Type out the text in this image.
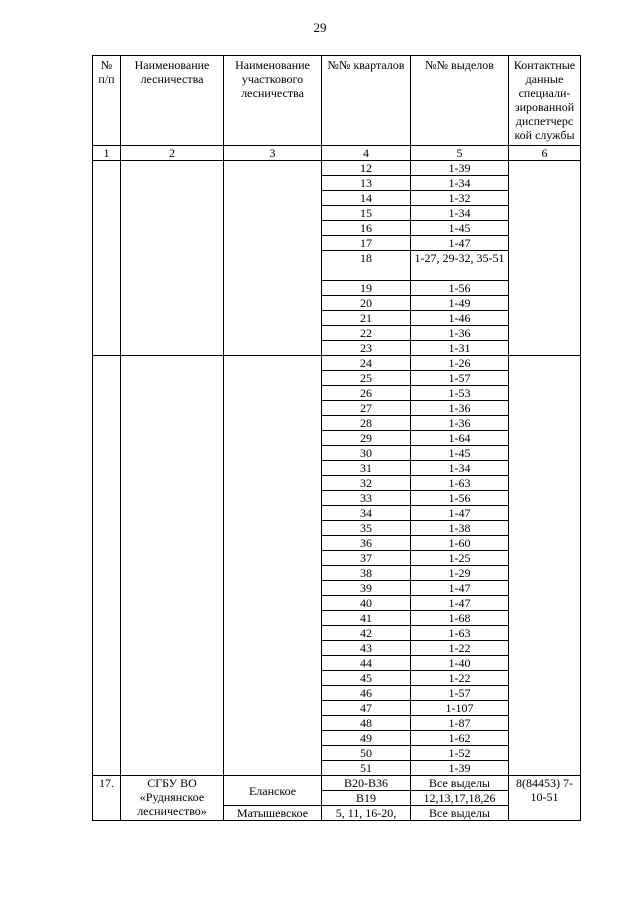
29
№ п/п	Наименование лесничества	Наименование участкового лесничества	№№ кварталов	№№ выделов	Контактные данные специали- зированной диспетчерс кой службы
1	2	3	4	5	6
			12	1-39	
			13	1-34	
			14	1-32	
			15	1-34	
			16	1-45	
			17	1-47	
			18	1-27, 29-32, 35-51	
			19	1-56	
			20	1-49	
			21	1-46	
			22	1-36	
			23	1-31	
			24	1-26	
			25	1-57	
			26	1-53	
			27	1-36	
			28	1-36	
			29	1-64	
			30	1-45	
			31	1-34	
			32	1-63	
			33	1-56	
			34	1-47	
			35	1-38	
			36	1-60	
			37	1-25	
			38	1-29	
			39	1-47	
			40	1-47	
			41	1-68	
			42	1-63	
			43	1-22	
			44	1-40	
			45	1-22	
			46	1-57	
			47	1-107	
			48	1-87	
			49	1-62	
			50	1-52	
			51	1-39	
17.	СГБУ ВО «Руднянское лесничество»	Еланское	В20-В36	Все выделы	8(84453) 7-10-51
			В19	12,13,17,18,26	
		Матышевское	5, 11, 16-20,	Все выделы	
